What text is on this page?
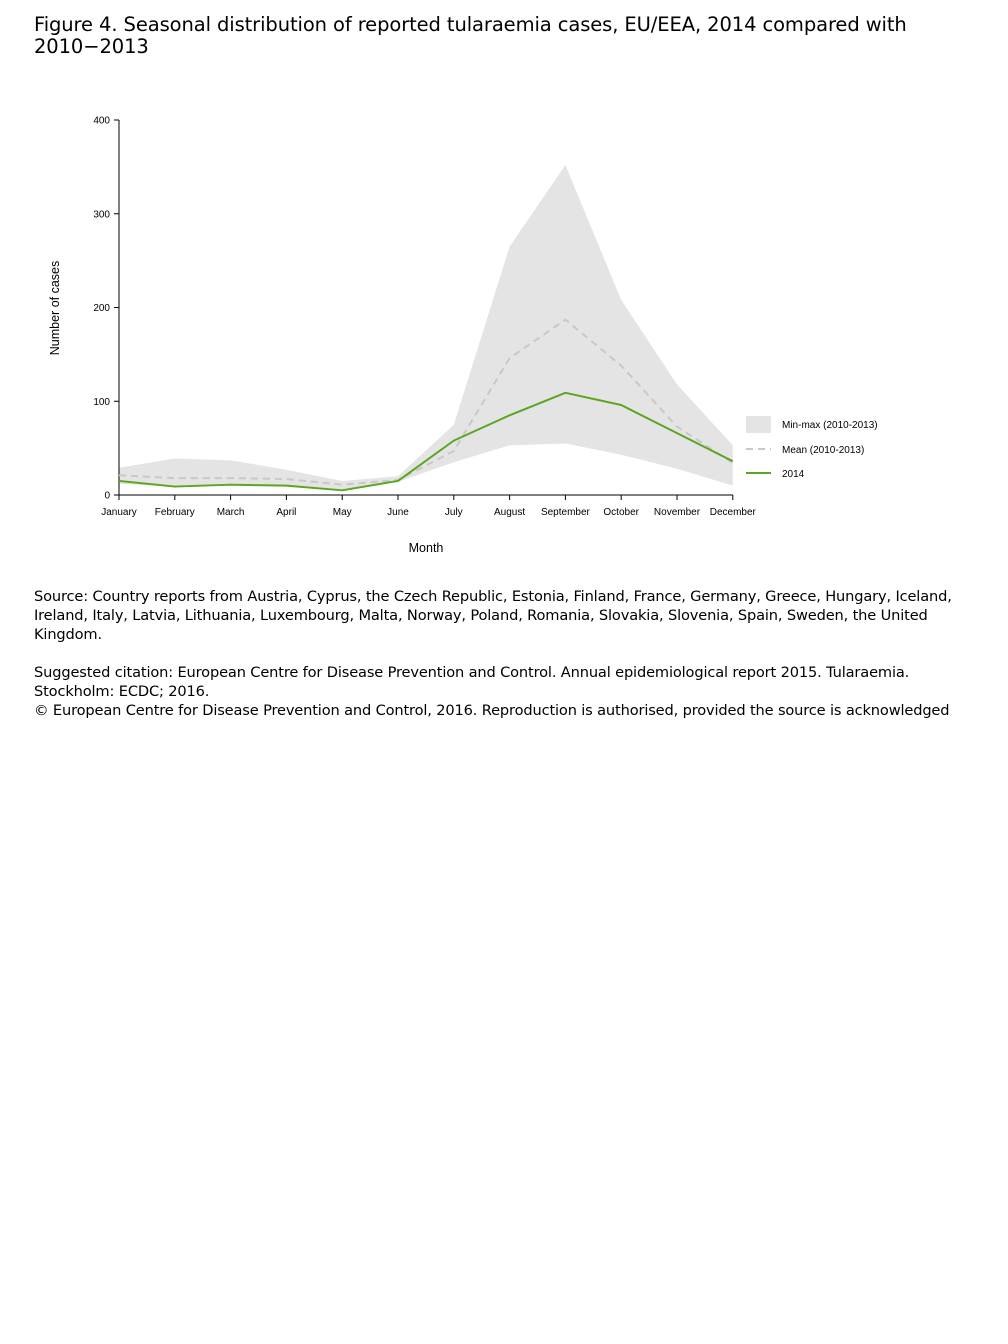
Figure 4. Seasonal distribution of reported tularaemia cases, EU/EEA, 2014 compared with
2010−2013
0
100
200
300
400
January February March	April	May	June	July	August September October November December
Month
Number of cases
Min-max (2010-2013)
Mean (2010-2013)
2014

Source: Country reports from Austria, Cyprus, the Czech Republic, Estonia, Finland, France, Germany, Greece, Hungary, Iceland, Ireland, Italy, Latvia, Lithuania, Luxembourg, Malta, Norway, Poland, Romania, Slovakia, Slovenia, Spain, Sweden, the United Kingdom.

Suggested citation: European Centre for Disease Prevention and Control. Annual epidemiological report 2015. Tularaemia. Stockholm: ECDC; 2016.

© European Centre for Disease Prevention and Control, 2016. Reproduction is authorised, provided the source is acknowledged
